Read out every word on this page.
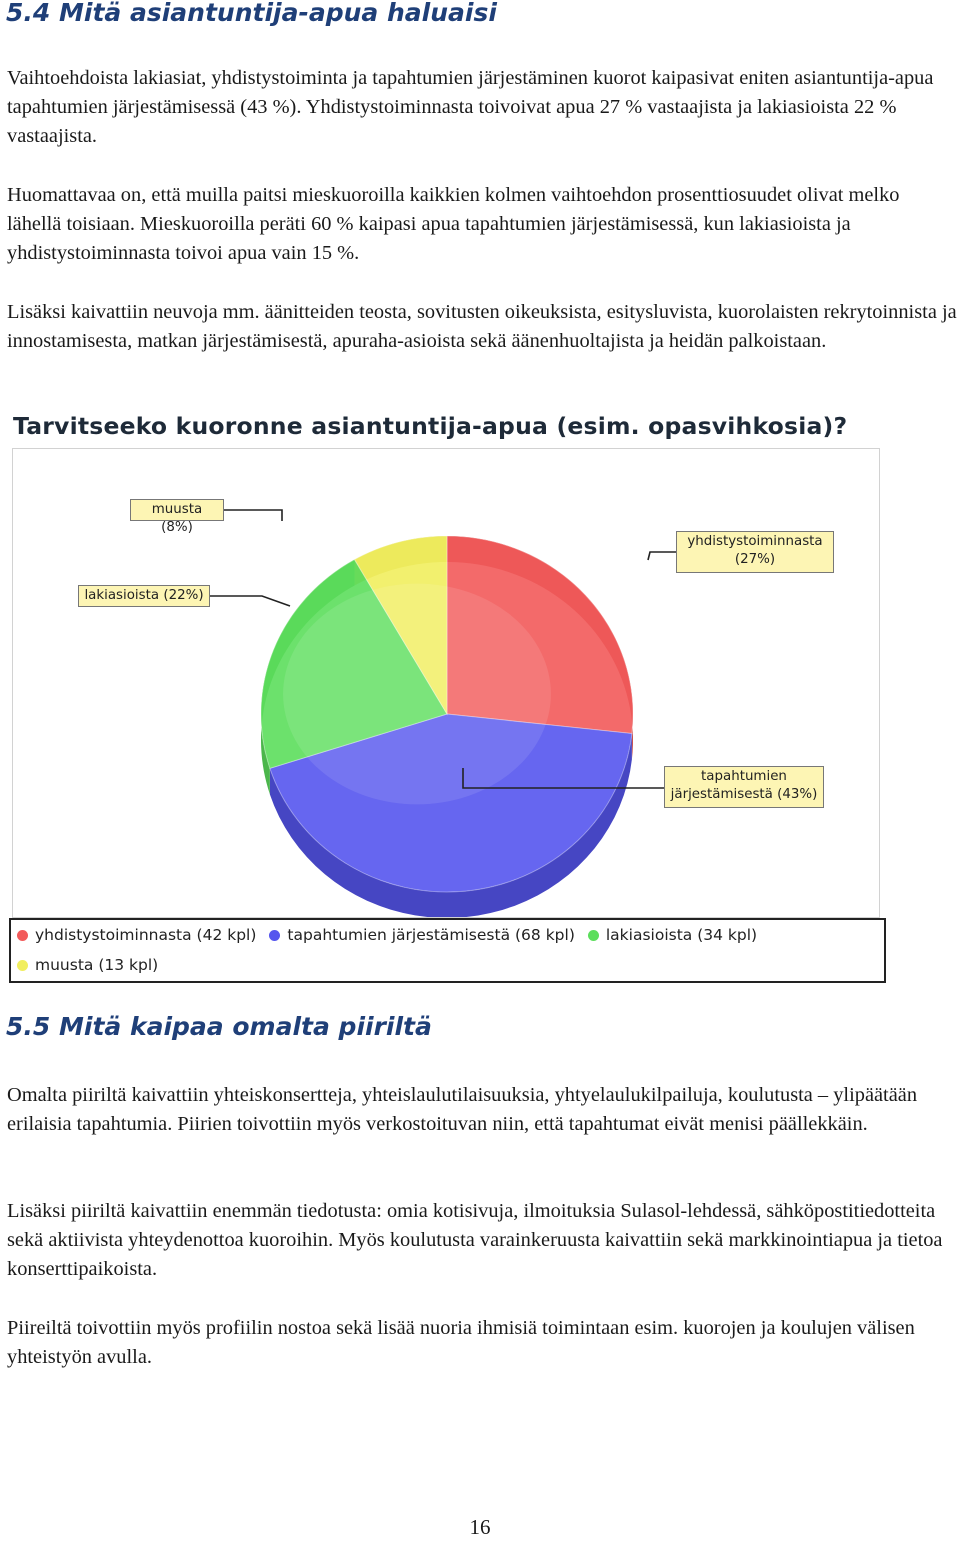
5.4 Mitä asiantuntija-apua haluaisi

Vaihtoehdoista lakiasiat, yhdistystoiminta ja tapahtumien järjestäminen kuorot kaipasivat eniten asiantuntija-apua tapahtumien järjestämisessä (43 %). Yhdistystoiminnasta toivoivat apua 27 % vastaajista ja lakiasioista 22 % vastaajista.

Huomattavaa on, että muilla paitsi mieskuoroilla kaikkien kolmen vaihtoehdon prosenttiosuudet olivat melko lähellä toisiaan. Mieskuoroilla peräti 60 % kaipasi apua tapahtumien järjestämisessä, kun lakiasioista ja yhdistystoiminnasta toivoi apua vain 15 %.

Lisäksi kaivattiin neuvoja mm. äänitteiden teosta, sovitusten oikeuksista, esitysluvista, kuorolaisten rekrytoinnista ja innostamisesta, matkan järjestämisestä, apuraha-asioista sekä äänenhuoltajista ja heidän palkoistaan.

Tarvitseeko kuoronne asiantuntija-apua (esim. opasvihkosia)?
muusta (8%)
lakiasioista (22%)
yhdistystoiminnasta (27%)
tapahtumien järjestämisestä (43%)
yhdistystoiminnasta (42 kpl) tapahtumien järjestämisestä (68 kpl) lakiasioista (34 kpl)
muusta (13 kpl)
5.5 Mitä kaipaa omalta piiriltä

Omalta piiriltä kaivattiin yhteiskonsertteja, yhteislaulutilaisuuksia, yhtyelaulukilpailuja, koulutusta – ylipäätään erilaisia tapahtumia. Piirien toivottiin myös verkostoituvan niin, että tapahtumat eivät menisi päällekkäin.

Lisäksi piiriltä kaivattiin enemmän tiedotusta: omia kotisivuja, ilmoituksia Sulasol-lehdessä, sähköpostitiedotteita sekä aktiivista yhteydenottoa kuoroihin. Myös koulutusta varainkeruusta kaivattiin sekä markkinointiapua ja tietoa konserttipaikoista.

Piireiltä toivottiin myös profiilin nostoa sekä lisää nuoria ihmisiä toimintaan esim. kuorojen ja koulujen välisen yhteistyön avulla.

16
